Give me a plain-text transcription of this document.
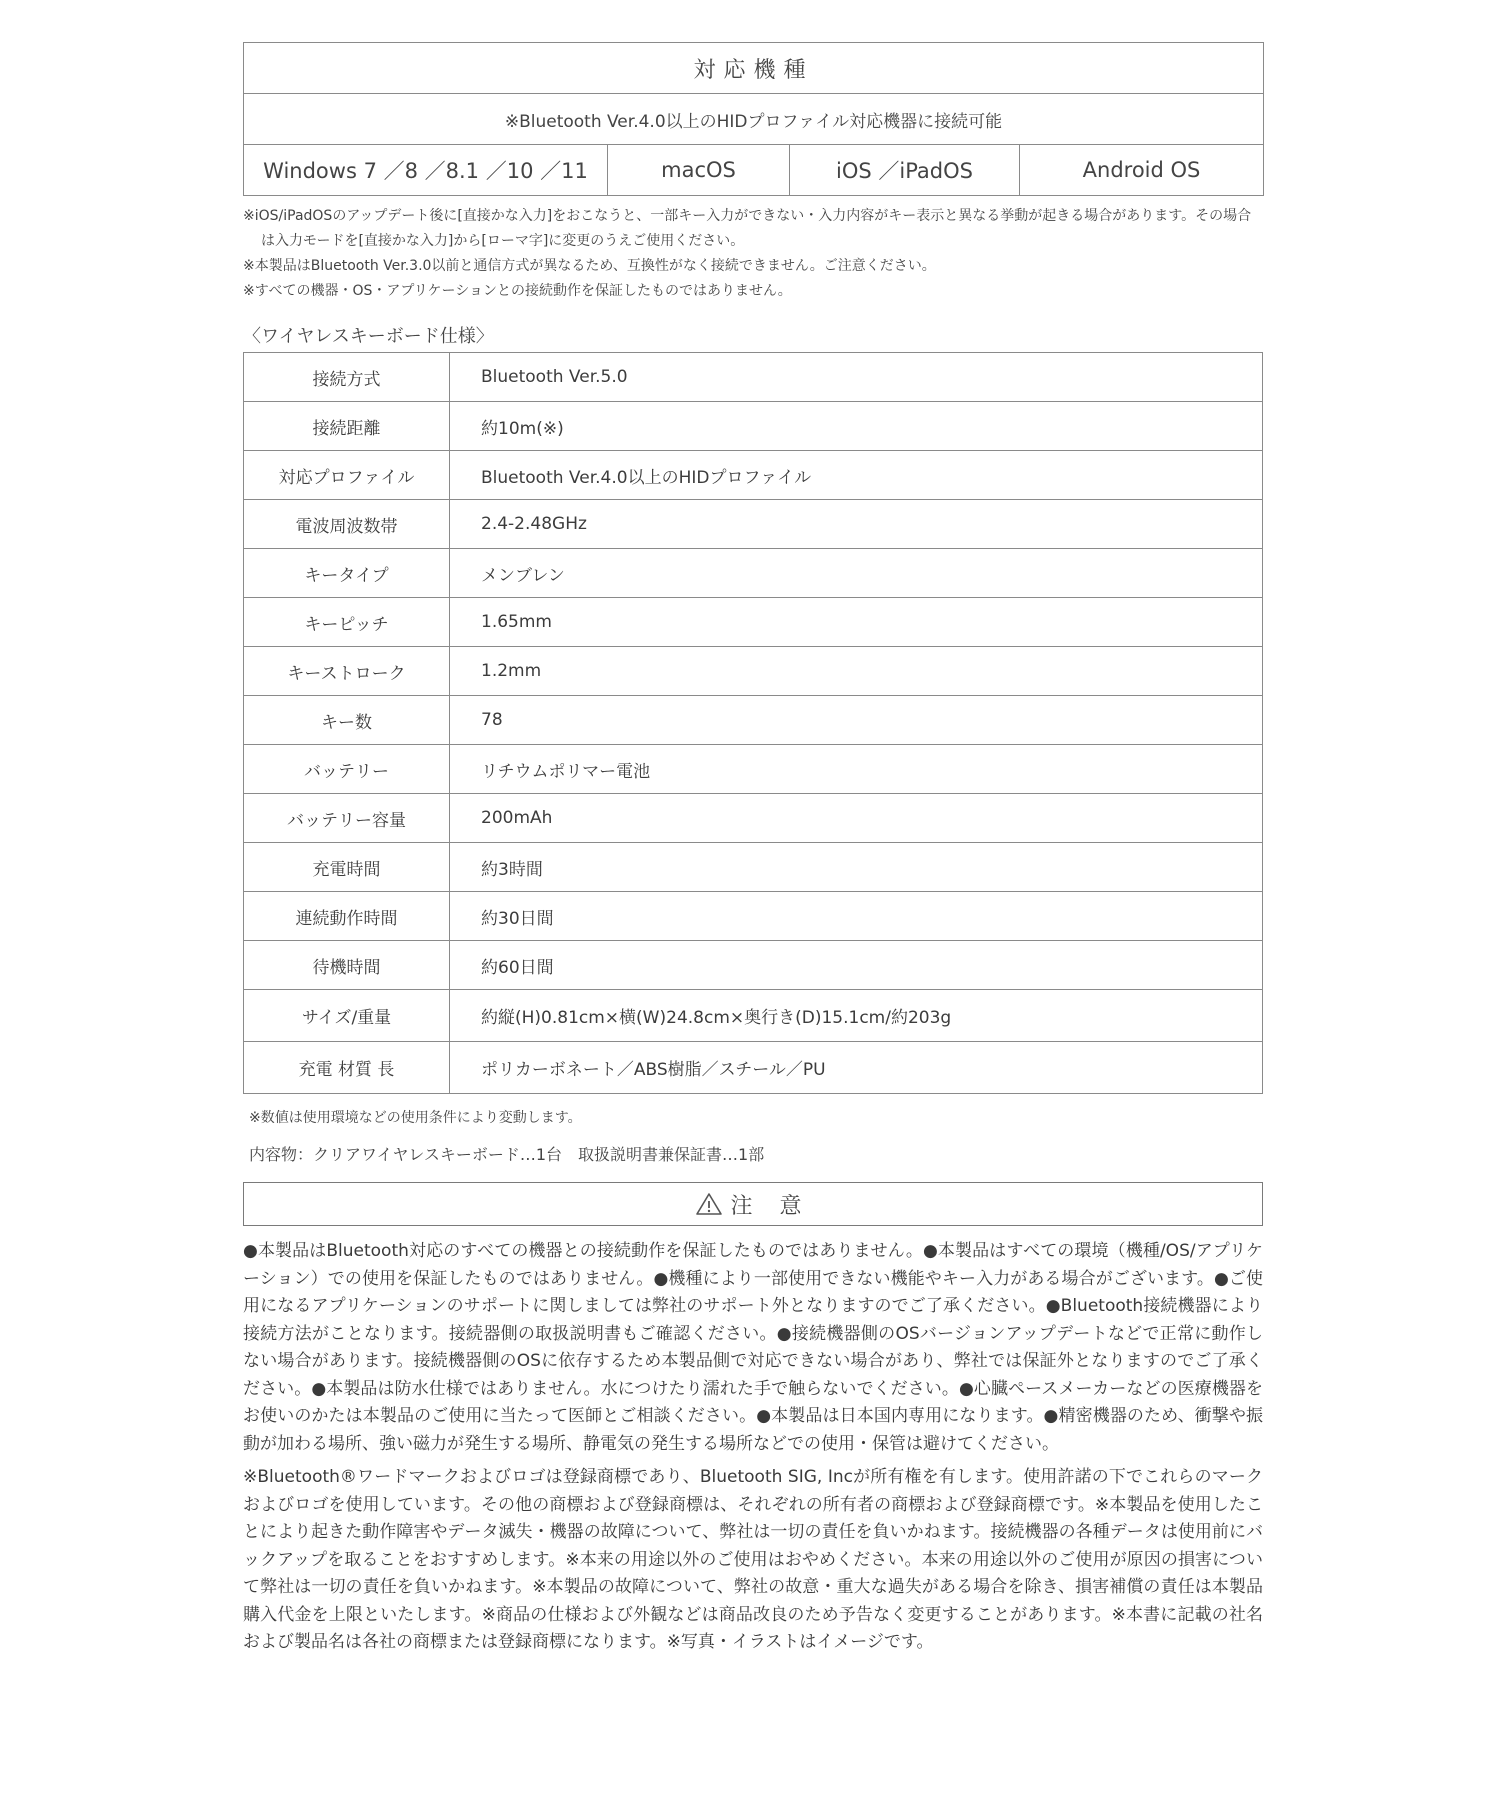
対応機種
※Bluetooth Ver.4.0以上のHIDプロファイル対応機器に接続可能
Windows 7 ／8 ／8.1 ／10 ／11	macOS	iOS ／iPadOS	Android OS
※iOS/iPadOSのアップデート後に[直接かな入力]をおこなうと、一部キー入力ができない・入力内容がキー表示と異なる挙動が起きる場合があります。その場合は入力モードを[直接かな入力]から[ローマ字]に変更のうえご使用ください。
※本製品はBluetooth Ver.3.0以前と通信方式が異なるため、互換性がなく接続できません。ご注意ください。
※すべての機器・OS・アプリケーションとの接続動作を保証したものではありません。
〈ワイヤレスキーボード仕様〉
接続方式	Bluetooth Ver.5.0
接続距離	約10m(※)
対応プロファイル	Bluetooth Ver.4.0以上のHIDプロファイル
電波周波数帯	2.4-2.48GHz
キータイプ	メンブレン
キーピッチ	1.65mm
キーストローク	1.2mm
キー数	78
バッテリー	リチウムポリマー電池
バッテリー容量	200mAh
充電時間	約3時間
連続動作時間	約30日間
待機時間	約60日間
サイズ/重量	約縦(H)0.81cm×横(W)24.8cm×奥行き(D)15.1cm/約203g
充電 材質 長	ポリカーボネート／ABS樹脂／スチール／PU
※数値は使用環境などの使用条件により変動します。
内容物：クリアワイヤレスキーボード…1台　取扱説明書兼保証書…1部
注 意

●本製品はBluetooth対応のすべての機器との接続動作を保証したものではありません。●本製品はすべての環境（機種/OS/アプリケーション）での使用を保証したものではありません。●機種により一部使用できない機能やキー入力がある場合がございます。●ご使用になるアプリケーションのサポートに関しましては弊社のサポート外となりますのでご了承ください。●Bluetooth接続機器により接続方法がことなります。接続器側の取扱説明書もご確認ください。●接続機器側のOSバージョンアップデートなどで正常に動作しない場合があります。接続機器側のOSに依存するため本製品側で対応できない場合があり、弊社では保証外となりますのでご了承ください。●本製品は防水仕様ではありません。水につけたり濡れた手で触らないでください。●心臓ペースメーカーなどの医療機器をお使いのかたは本製品のご使用に当たって医師とご相談ください。●本製品は日本国内専用になります。●精密機器のため、衝撃や振動が加わる場所、強い磁力が発生する場所、静電気の発生する場所などでの使用・保管は避けてください。

※Bluetooth®ワードマークおよびロゴは登録商標であり、Bluetooth SIG, Incが所有権を有します。使用許諾の下でこれらのマークおよびロゴを使用しています。その他の商標および登録商標は、それぞれの所有者の商標および登録商標です。※本製品を使用したことにより起きた動作障害やデータ滅失・機器の故障について、弊社は一切の責任を負いかねます。接続機器の各種データは使用前にバックアップを取ることをおすすめします。※本来の用途以外のご使用はおやめください。本来の用途以外のご使用が原因の損害について弊社は一切の責任を負いかねます。※本製品の故障について、弊社の故意・重大な過失がある場合を除き、損害補償の責任は本製品購入代金を上限といたします。※商品の仕様および外観などは商品改良のため予告なく変更することがあります。※本書に記載の社名および製品名は各社の商標または登録商標になります。※写真・イラストはイメージです。
